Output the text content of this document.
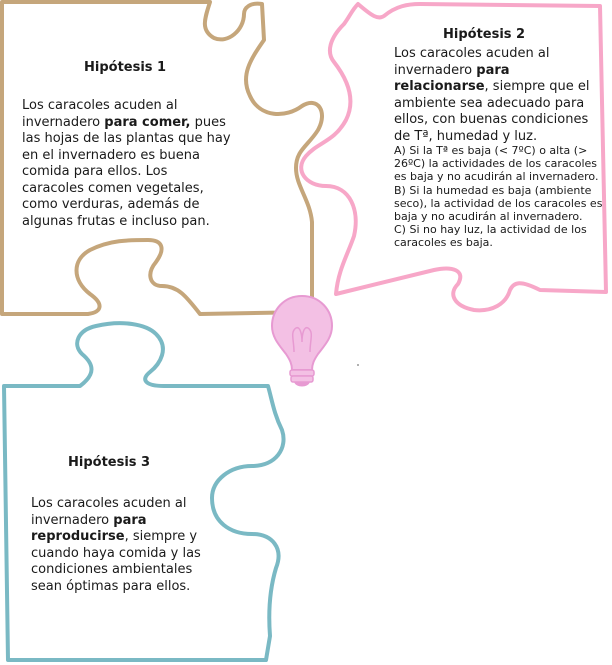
Hipótesis 1
Los caracoles acuden al invernadero para comer, pues las hojas de las plantas que hay en el invernadero es buena comida para ellos. Los caracoles comen vegetales, como verduras, además de algunas frutas e incluso pan.
Hipótesis 2
Los caracoles acuden al invernadero para relacionarse, siempre que el ambiente sea adecuado para ellos, con buenas condiciones de Tª, humedad y luz.
A) Si la Tª es baja (< 7ºC) o alta (> 26ºC) la actividades de los caracoles es baja y no acudirán al invernadero.
B) Si la humedad es baja (ambiente seco), la actividad de los caracoles es baja y no acudirán al invernadero.
C) Si no hay luz, la actividad de los caracoles es baja.
Hipótesis 3
Los caracoles acuden al invernadero para reproducirse, siempre y cuando haya comida y las condiciones ambientales sean óptimas para ellos.
